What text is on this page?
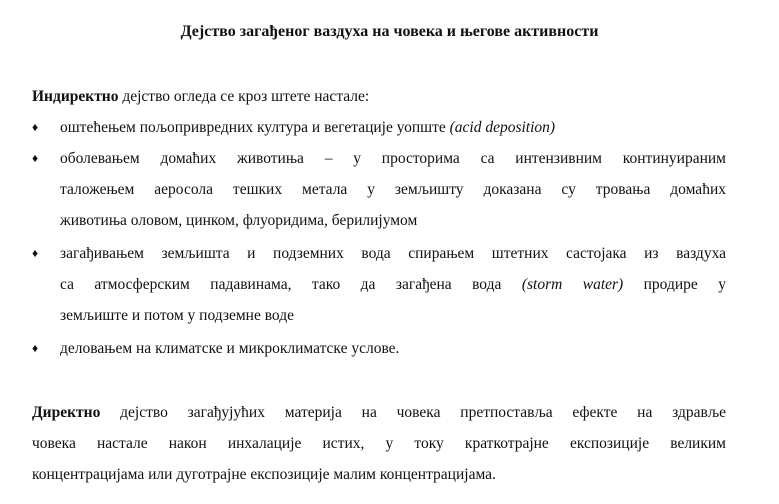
Дејство загађеног ваздуха на човека и његове активности

Индиректно дејство огледа се кроз штете настале:

♦ оштећењем пољопривредних култура и вегетације уопште (acid deposition)
♦ оболевањем домаћих животиња – у просторима са интензивним континуираним
таложењем аеросола тешких метала у земљишту доказана су тровања домаћих
животиња оловом, цинком, флуоридима, берилијумом
♦ загађивањем земљишта и подземних вода спирањем штетних састојака из ваздуха
са атмосферским падавинама, тако да загађена вода (storm water) продире у
земљиште и потом у подземне воде
♦ деловањем на климатске и микроклиматске услове.
Директно дејство загађујућих материја на човека претпоставља ефекте на здравље
човека настале након инхалације истих, у току краткотрајне експозиције великим
концентрацијама или дуготрајне експозиције малим концентрацијама.
